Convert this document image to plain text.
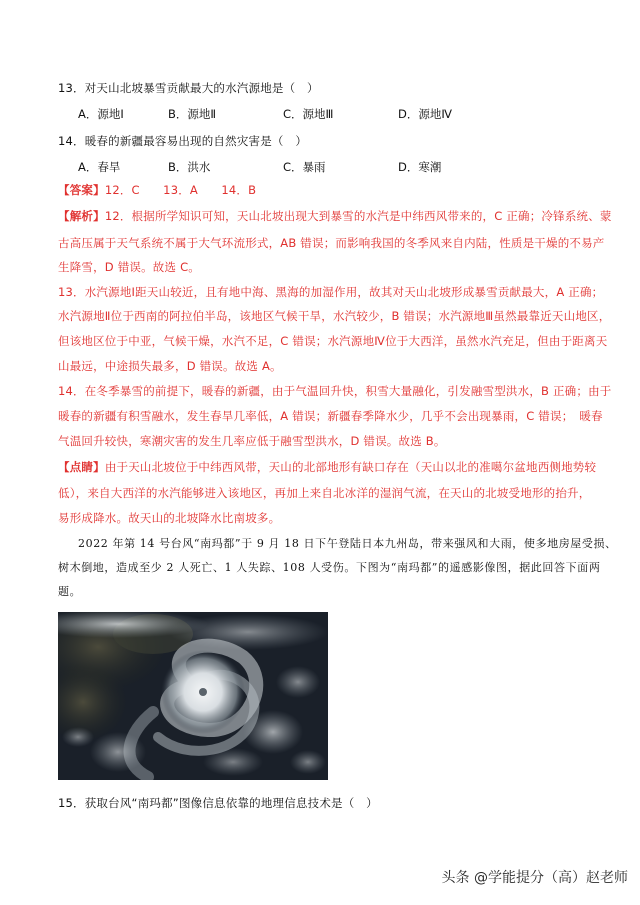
13．对天山北坡暴雪贡献最大的水汽源地是（　）
A．源地Ⅰ	B．源地Ⅱ	C．源地Ⅲ	D．源地Ⅳ
14．暖春的新疆最容易出现的自然灾害是（　）
A．春旱	B．洪水	C．暴雨	D．寒潮
【答案】12．C　　13．A　　14．B
【解析】12．根据所学知识可知，天山北坡出现大到暴雪的水汽是中纬西风带来的，C 正确；冷锋系统、蒙
古高压属于天气系统不属于大气环流形式，AB 错误；而影响我国的冬季风来自内陆，性质是干燥的不易产
生降雪，D 错误。故选 C。
13．水汽源地Ⅰ距天山较近，且有地中海、黑海的加湿作用，故其对天山北坡形成暴雪贡献最大，A 正确；
水汽源地Ⅱ位于西南的阿拉伯半岛，该地区气候干旱，水汽较少，B 错误；水汽源地Ⅲ虽然最靠近天山地区，
但该地区位于中亚，气候干燥，水汽不足，C 错误；水汽源地Ⅳ位于大西洋，虽然水汽充足，但由于距离天
山最远，中途损失最多，D 错误。故选 A。
14．在冬季暴雪的前提下，暖春的新疆，由于气温回升快，积雪大量融化，引发融雪型洪水，B 正确；由于
暖春的新疆有积雪融水，发生春旱几率低，A 错误；新疆春季降水少，几乎不会出现暴雨，C 错误；　暖春
气温回升较快，寒潮灾害的发生几率应低于融雪型洪水，D 错误。故选 B。
【点睛】由于天山北坡位于中纬西风带，天山的北部地形有缺口存在（天山以北的准噶尔盆地西侧地势较
低），来自大西洋的水汽能够进入该地区，再加上来自北冰洋的湿润气流，在天山的北坡受地形的抬升，
易形成降水。故天山的北坡降水比南坡多。
2022 年第 14 号台风“南玛都”于 9 月 18 日下午登陆日本九州岛，带来强风和大雨，使多地房屋受损、
树木倒地，造成至少 2 人死亡、1 人失踪、108 人受伤。下图为“南玛都”的遥感影像图，据此回答下面两
题。
15．获取台风“南玛都”图像信息依靠的地理信息技术是（　）
头条 @学能提分（高）赵老师
